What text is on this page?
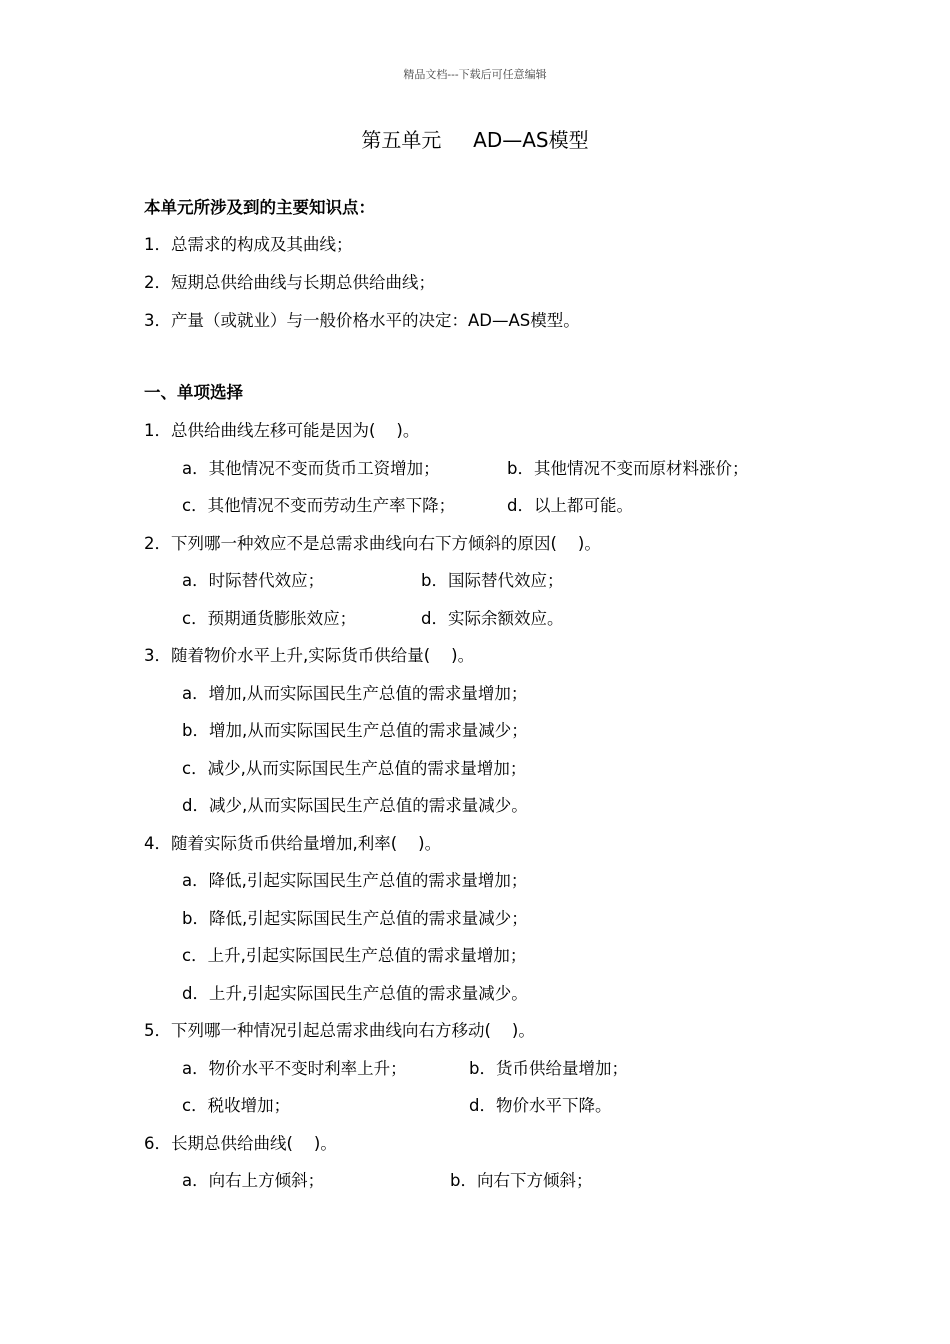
精品文档---下载后可任意编辑
第五单元     AD—AS模型
本单元所涉及到的主要知识点：
1．总需求的构成及其曲线；
2．短期总供给曲线与长期总供给曲线；
3．产量（或就业）与一般价格水平的决定：AD—AS模型。
一、单项选择
1．总供给曲线左移可能是因为(    )。
a．其他情况不变而货币工资增加；	b．其他情况不变而原材料涨价；
c．其他情况不变而劳动生产率下降；	d．以上都可能。
2．下列哪一种效应不是总需求曲线向右下方倾斜的原因(    )。
a．时际替代效应；	b．国际替代效应；
c．预期通货膨胀效应；	d．实际余额效应。
3．随着物价水平上升,实际货币供给量(    )。
a．增加,从而实际国民生产总值的需求量增加；
b．增加,从而实际国民生产总值的需求量减少；
c．减少,从而实际国民生产总值的需求量增加；
d．减少,从而实际国民生产总值的需求量减少。
4．随着实际货币供给量增加,利率(    )。
a．降低,引起实际国民生产总值的需求量增加；
b．降低,引起实际国民生产总值的需求量减少；
c．上升,引起实际国民生产总值的需求量增加；
d．上升,引起实际国民生产总值的需求量减少。
5．下列哪一种情况引起总需求曲线向右方移动(    )。
a．物价水平不变时利率上升；	b．货币供给量增加；
c．税收增加；	d．物价水平下降。
6．长期总供给曲线(    )。
a．向右上方倾斜；	b．向右下方倾斜；
